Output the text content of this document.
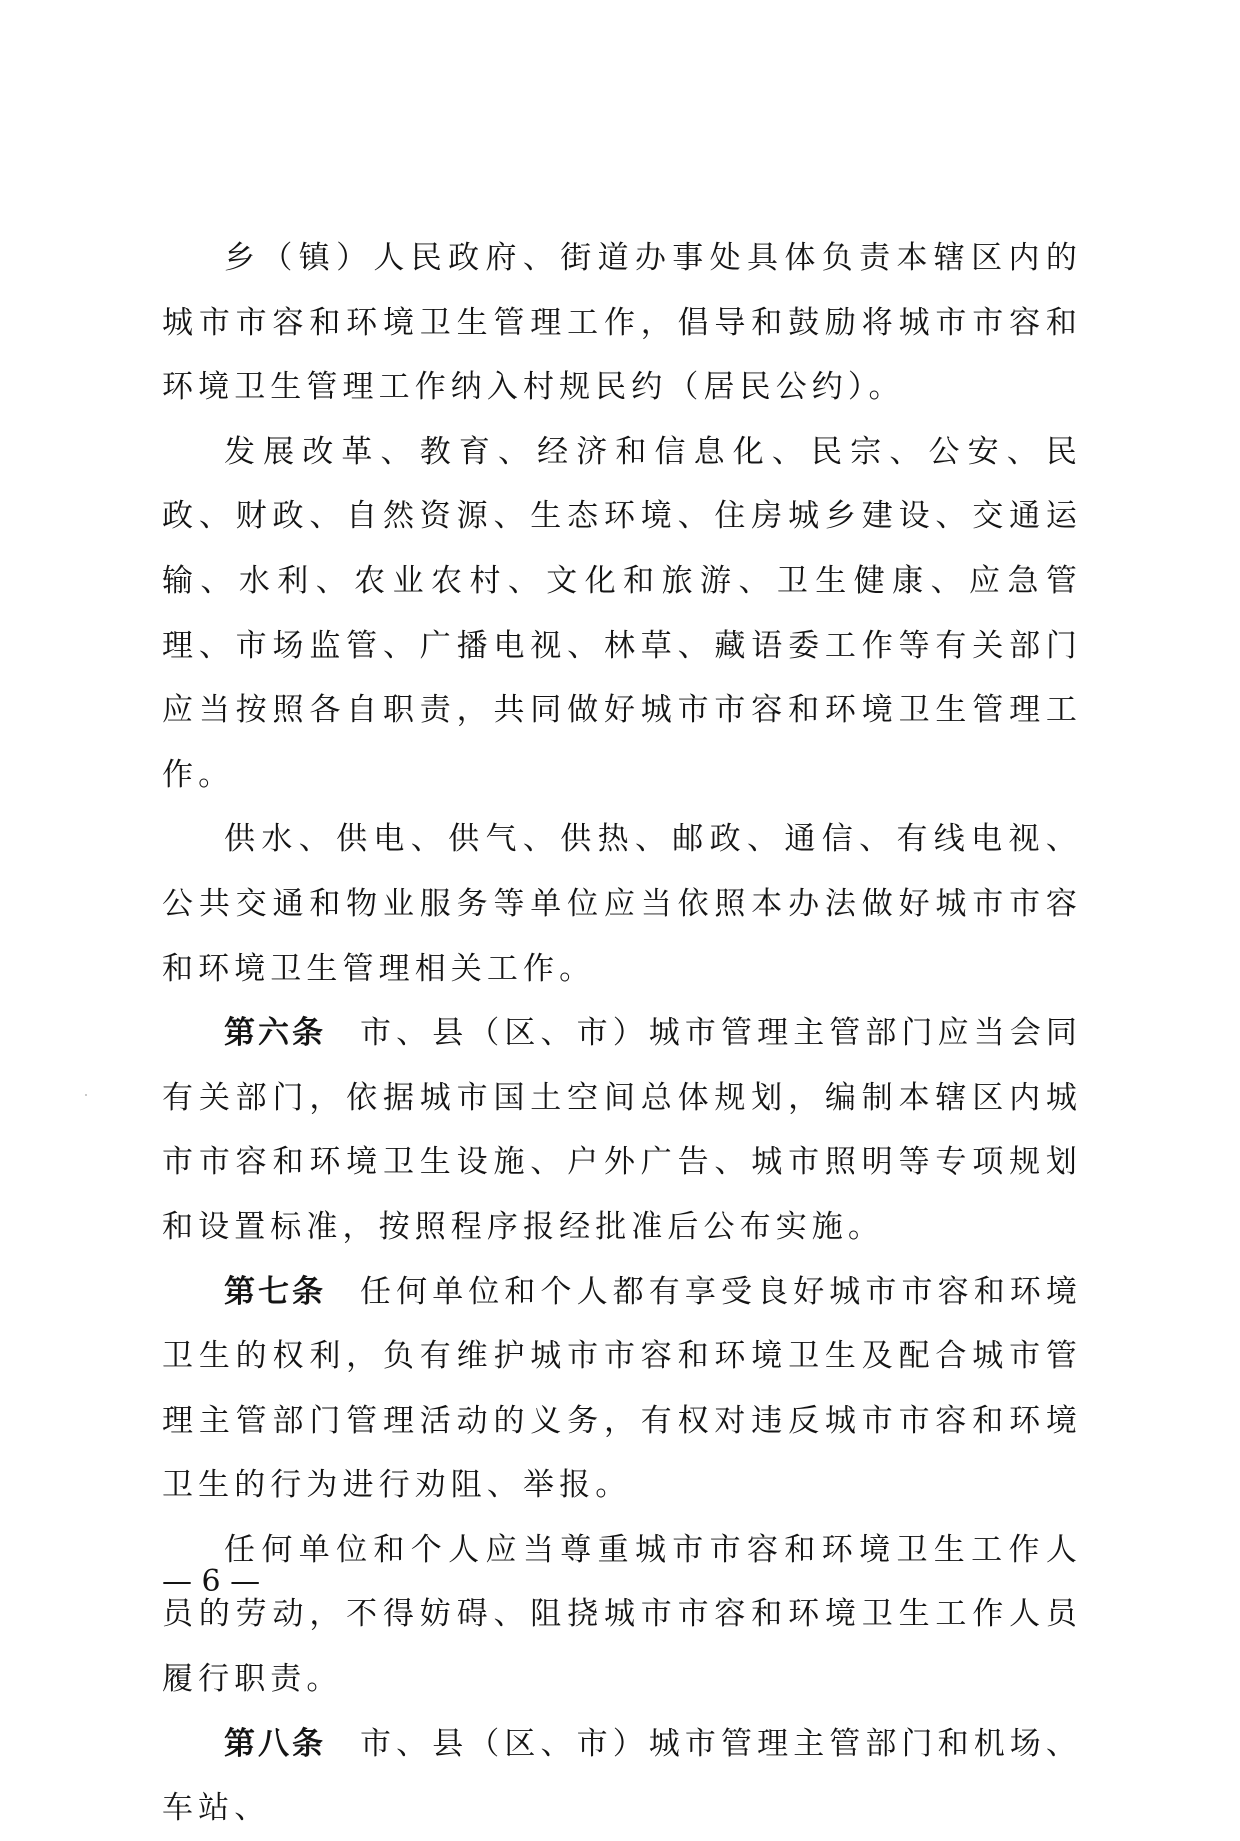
乡（镇）人民政府、街道办事处具体负责本辖区内的城市市容和环境卫生管理工作，倡导和鼓励将城市市容和环境卫生管理工作纳入村规民约（居民公约）。

发展改革、教育、经济和信息化、民宗、公安、民政、财政、自然资源、生态环境、住房城乡建设、交通运输、水利、农业农村、文化和旅游、卫生健康、应急管理、市场监管、广播电视、林草、藏语委工作等有关部门应当按照各自职责，共同做好城市市容和环境卫生管理工作。

供水、供电、供气、供热、邮政、通信、有线电视、公共交通和物业服务等单位应当依照本办法做好城市市容和环境卫生管理相关工作。

第六条 市、县（区、市）城市管理主管部门应当会同有关部门，依据城市国土空间总体规划，编制本辖区内城市市容和环境卫生设施、户外广告、城市照明等专项规划和设置标准，按照程序报经批准后公布实施。

第七条 任何单位和个人都有享受良好城市市容和环境卫生的权利，负有维护城市市容和环境卫生及配合城市管理主管部门管理活动的义务，有权对违反城市市容和环境卫生的行为进行劝阻、举报。

任何单位和个人应当尊重城市市容和环境卫生工作人员的劳动，不得妨碍、阻挠城市市容和环境卫生工作人员履行职责。

第八条 市、县（区、市）城市管理主管部门和机场、车站、

— 6 —
